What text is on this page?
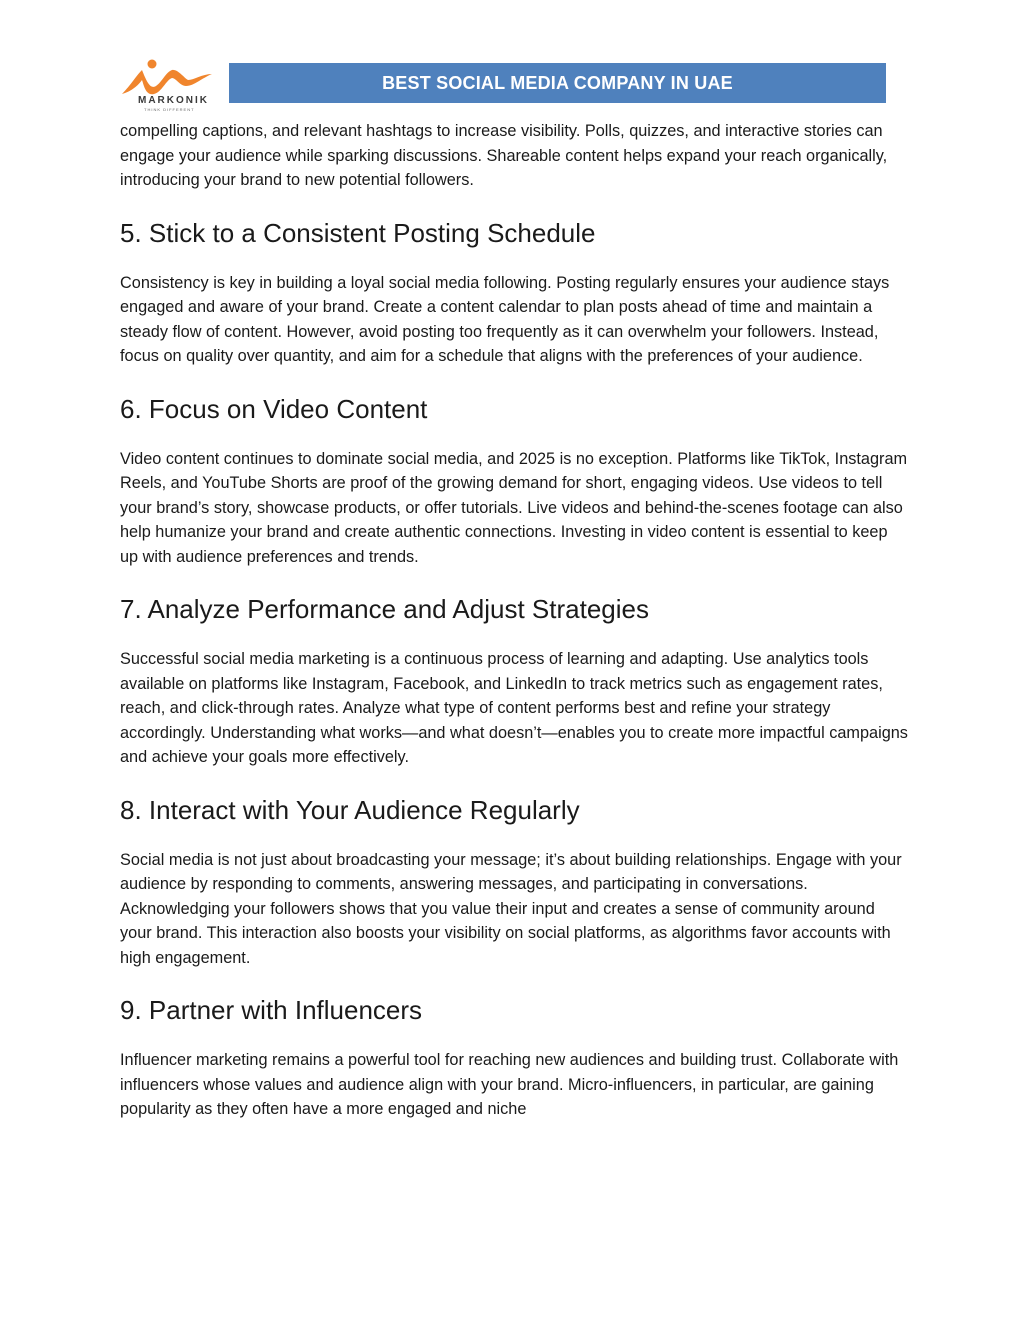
MARKONIK
THINK DIFFERENT
BEST SOCIAL MEDIA COMPANY IN UAE

compelling captions, and relevant hashtags to increase visibility. Polls, quizzes, and interactive stories can engage your audience while sparking discussions. Shareable content helps expand your reach organically, introducing your brand to new potential followers.

5. Stick to a Consistent Posting Schedule

Consistency is key in building a loyal social media following. Posting regularly ensures your audience stays engaged and aware of your brand. Create a content calendar to plan posts ahead of time and maintain a steady flow of content. However, avoid posting too frequently as it can overwhelm your followers. Instead, focus on quality over quantity, and aim for a schedule that aligns with the preferences of your audience.

6. Focus on Video Content

Video content continues to dominate social media, and 2025 is no exception. Platforms like TikTok, Instagram Reels, and YouTube Shorts are proof of the growing demand for short, engaging videos. Use videos to tell your brand’s story, showcase products, or offer tutorials. Live videos and behind-the-scenes footage can also help humanize your brand and create authentic connections. Investing in video content is essential to keep up with audience preferences and trends.

7. Analyze Performance and Adjust Strategies

Successful social media marketing is a continuous process of learning and adapting. Use analytics tools available on platforms like Instagram, Facebook, and LinkedIn to track metrics such as engagement rates, reach, and click-through rates. Analyze what type of content performs best and refine your strategy accordingly. Understanding what works—and what doesn’t—enables you to create more impactful campaigns and achieve your goals more effectively.

8. Interact with Your Audience Regularly

Social media is not just about broadcasting your message; it’s about building relationships. Engage with your audience by responding to comments, answering messages, and participating in conversations. Acknowledging your followers shows that you value their input and creates a sense of community around your brand. This interaction also boosts your visibility on social platforms, as algorithms favor accounts with high engagement.

9. Partner with Influencers

Influencer marketing remains a powerful tool for reaching new audiences and building trust. Collaborate with influencers whose values and audience align with your brand. Micro-influencers, in particular, are gaining popularity as they often have a more engaged and niche
